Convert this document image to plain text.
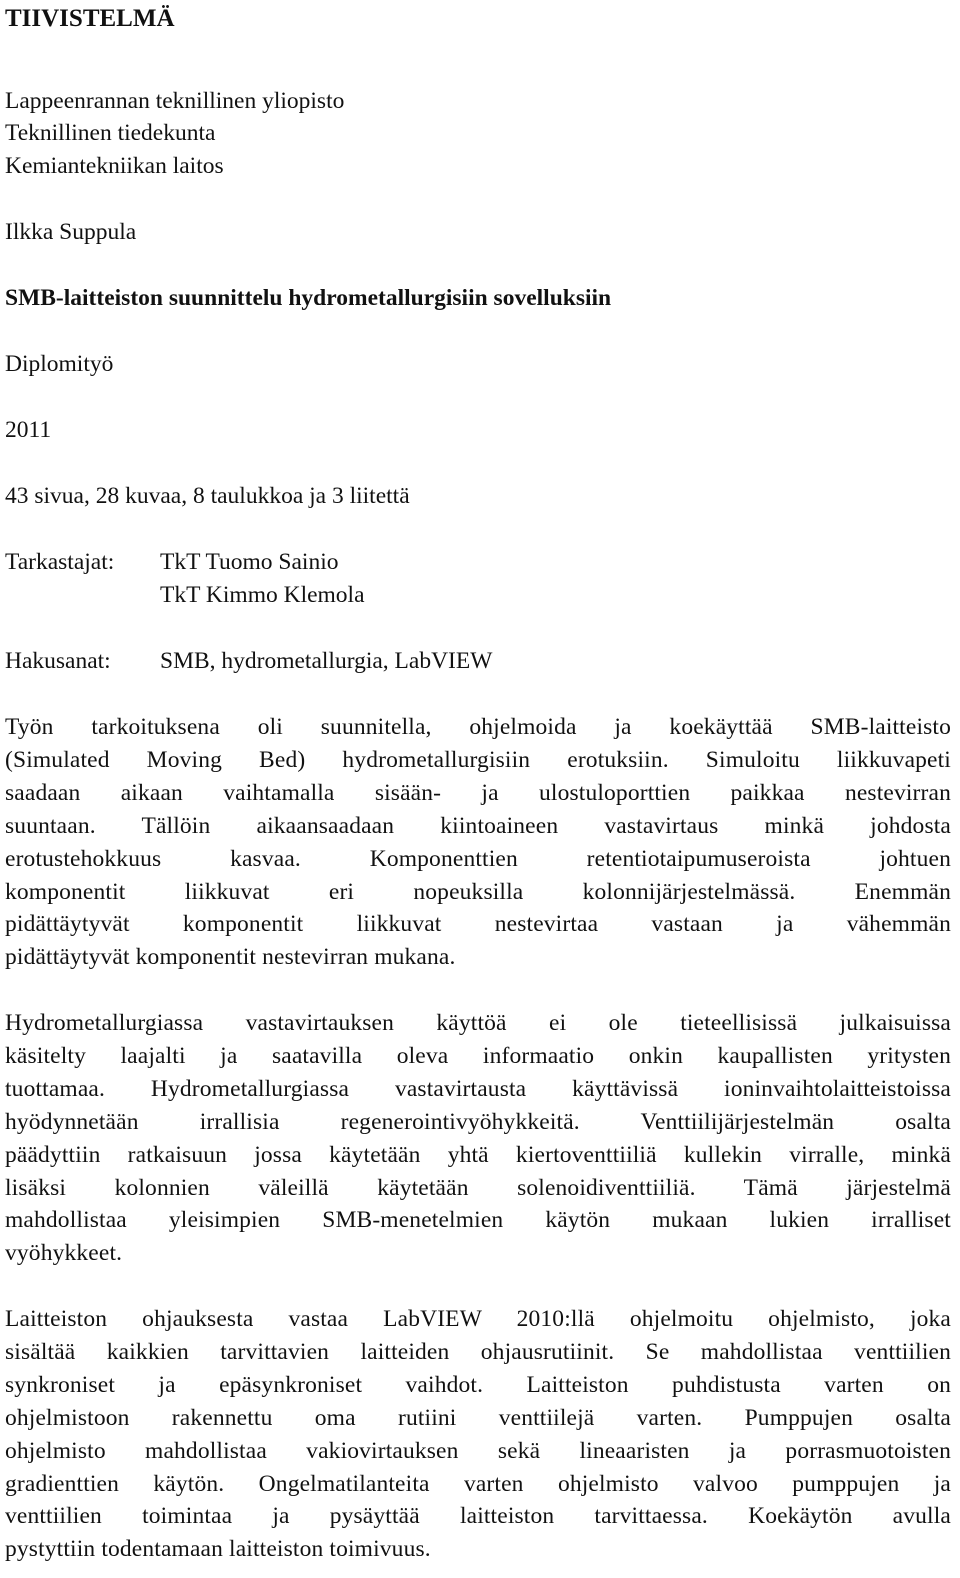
TIIVISTELMÄ
Lappeenrannan teknillinen yliopisto
Teknillinen tiedekunta
Kemiantekniikan laitos
Ilkka Suppula
SMB-laitteiston suunnittelu hydrometallurgisiin sovelluksiin
Diplomityö
2011
43 sivua, 28 kuvaa, 8 taulukkoa ja 3 liitettä
Tarkastajat: TkT Tuomo Sainio
TkT Kimmo Klemola
Hakusanat: SMB, hydrometallurgia, LabVIEW
Työn tarkoituksena oli suunnitella, ohjelmoida ja koekäyttää SMB-laitteisto
(Simulated Moving Bed) hydrometallurgisiin erotuksiin. Simuloitu liikkuvapeti
saadaan aikaan vaihtamalla sisään- ja ulostuloporttien paikkaa nestevirran
suuntaan. Tällöin aikaansaadaan kiintoaineen vastavirtaus minkä johdosta
erotustehokkuus kasvaa. Komponenttien retentiotaipumuseroista johtuen
komponentit liikkuvat eri nopeuksilla kolonnijärjestelmässä. Enemmän
pidättäytyvät komponentit liikkuvat nestevirtaa vastaan ja vähemmän
pidättäytyvät komponentit nestevirran mukana.
Hydrometallurgiassa vastavirtauksen käyttöä ei ole tieteellisissä julkaisuissa
käsitelty laajalti ja saatavilla oleva informaatio onkin kaupallisten yritysten
tuottamaa. Hydrometallurgiassa vastavirtausta käyttävissä ioninvaihtolaitteistoissa
hyödynnetään irrallisia regenerointivyöhykkeitä. Venttiilijärjestelmän osalta
päädyttiin ratkaisuun jossa käytetään yhtä kiertoventtiiliä kullekin virralle, minkä
lisäksi kolonnien väleillä käytetään solenoidiventtiiliä. Tämä järjestelmä
mahdollistaa yleisimpien SMB-menetelmien käytön mukaan lukien irralliset
vyöhykkeet.
Laitteiston ohjauksesta vastaa LabVIEW 2010:llä ohjelmoitu ohjelmisto, joka
sisältää kaikkien tarvittavien laitteiden ohjausrutiinit. Se mahdollistaa venttiilien
synkroniset ja epäsynkroniset vaihdot. Laitteiston puhdistusta varten on
ohjelmistoon rakennettu oma rutiini venttiilejä varten. Pumppujen osalta
ohjelmisto mahdollistaa vakiovirtauksen sekä lineaaristen ja porrasmuotoisten
gradienttien käytön. Ongelmatilanteita varten ohjelmisto valvoo pumppujen ja
venttiilien toimintaa ja pysäyttää laitteiston tarvittaessa. Koekäytön avulla
pystyttiin todentamaan laitteiston toimivuus.
